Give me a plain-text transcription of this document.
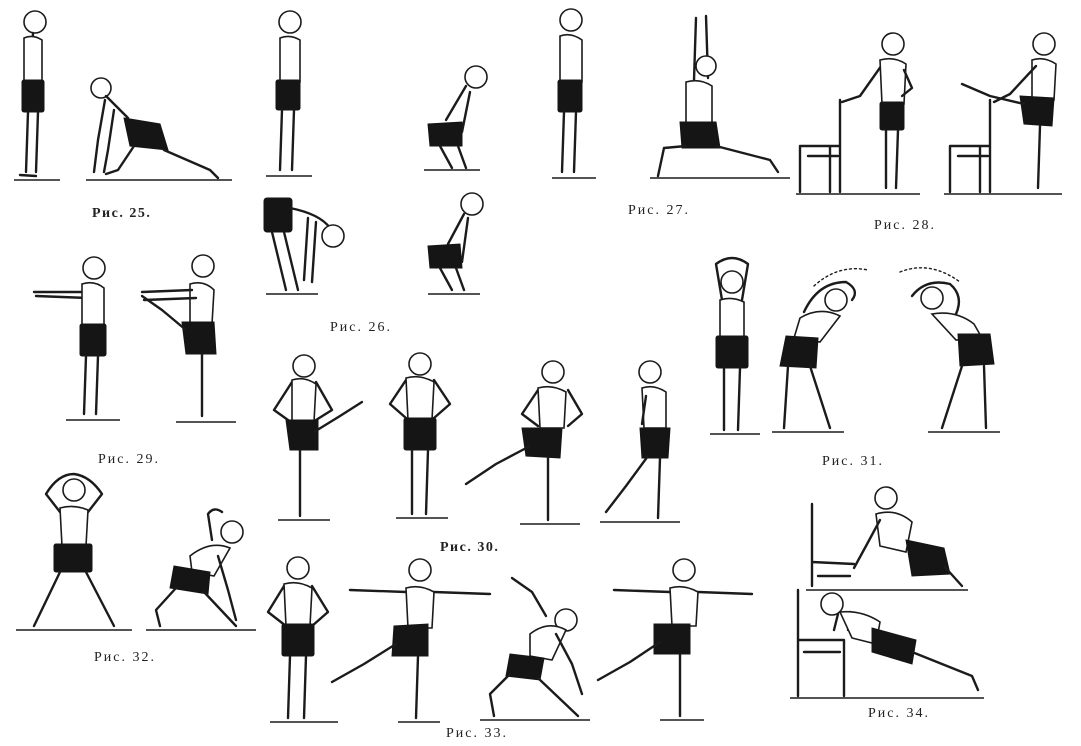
Рис. 25.
Рис. 26.
Рис. 27.
Рис. 28.
Рис. 29.
Рис. 30.
Рис. 31.
Рис. 32.
Рис. 33.
Рис. 34.
